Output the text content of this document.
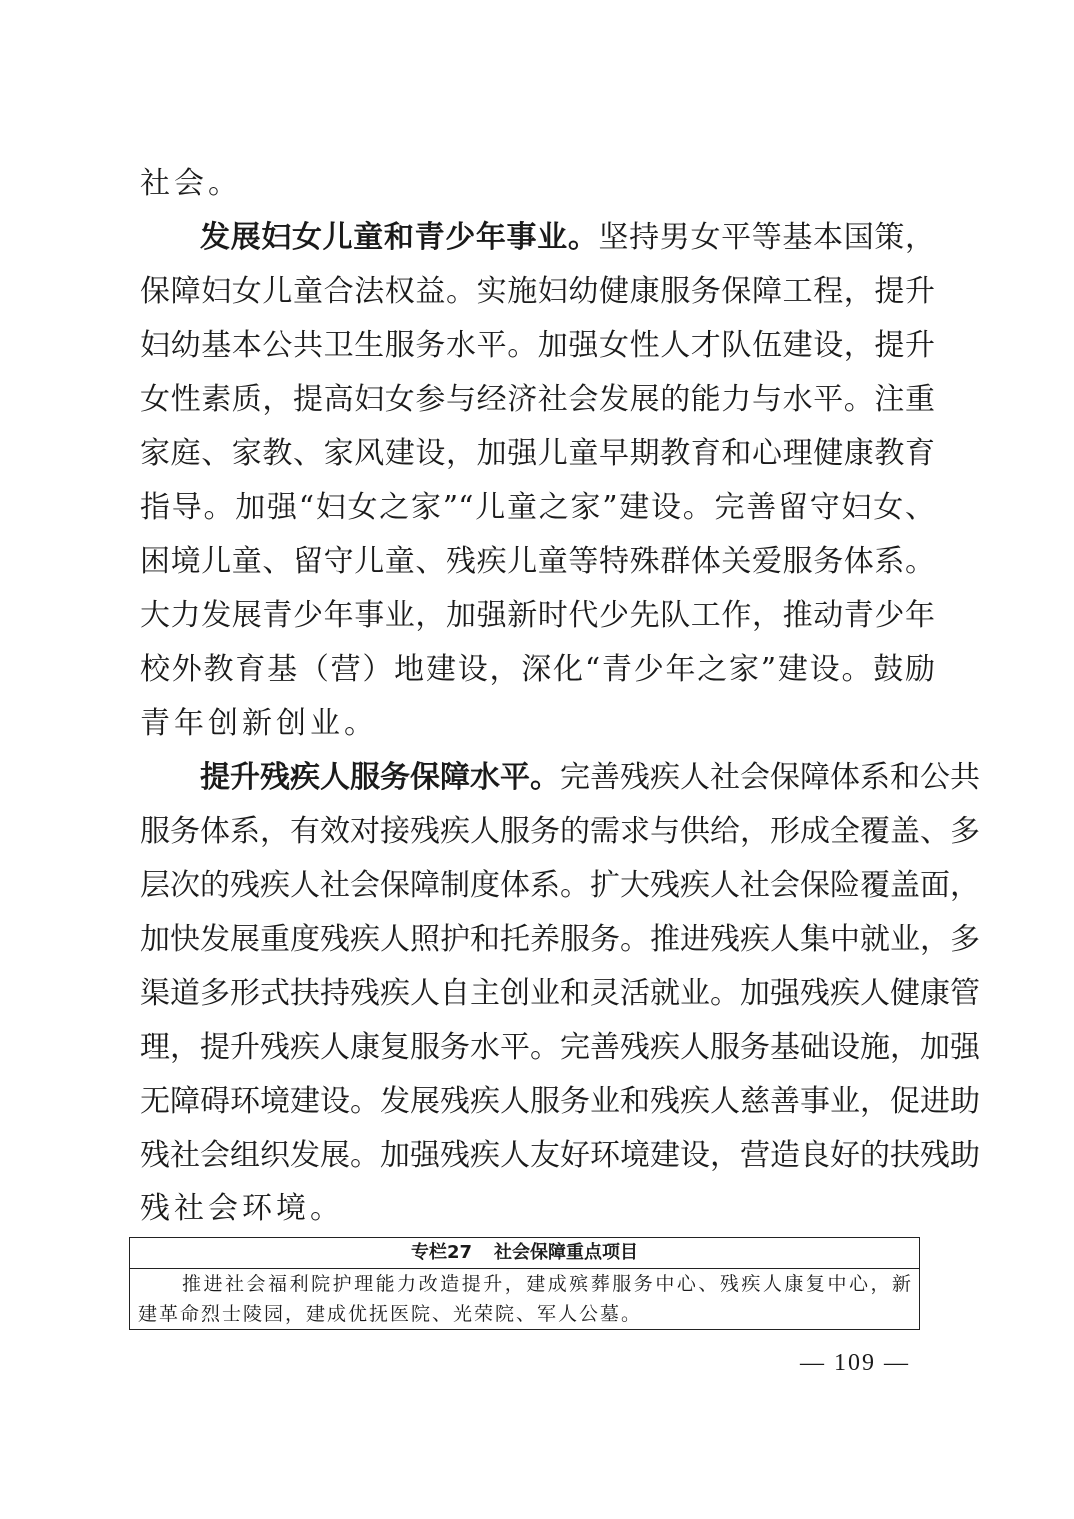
社会。
发展妇女儿童和青少年事业。坚持男女平等基本国策，
保障妇女儿童合法权益。实施妇幼健康服务保障工程，提升
妇幼基本公共卫生服务水平。加强女性人才队伍建设，提升
女性素质，提高妇女参与经济社会发展的能力与水平。注重
家庭、家教、家风建设，加强儿童早期教育和心理健康教育
指导。加强“妇女之家”“儿童之家”建设。完善留守妇女、
困境儿童、留守儿童、残疾儿童等特殊群体关爱服务体系。
大力发展青少年事业，加强新时代少先队工作，推动青少年
校外教育基（营）地建设，深化“青少年之家”建设。鼓励
青年创新创业。
提升残疾人服务保障水平。完善残疾人社会保障体系和公共
服务体系，有效对接残疾人服务的需求与供给，形成全覆盖、多
层次的残疾人社会保障制度体系。扩大残疾人社会保险覆盖面，
加快发展重度残疾人照护和托养服务。推进残疾人集中就业，多
渠道多形式扶持残疾人自主创业和灵活就业。加强残疾人健康管
理，提升残疾人康复服务水平。完善残疾人服务基础设施，加强
无障碍环境建设。发展残疾人服务业和残疾人慈善事业，促进助
残社会组织发展。加强残疾人友好环境建设，营造良好的扶残助
残社会环境。
专栏27 社会保障重点项目
推进社会福利院护理能力改造提升，建成殡葬服务中心、残疾人康复中心，新
建革命烈士陵园，建成优抚医院、光荣院、军人公墓。
— 109 —
